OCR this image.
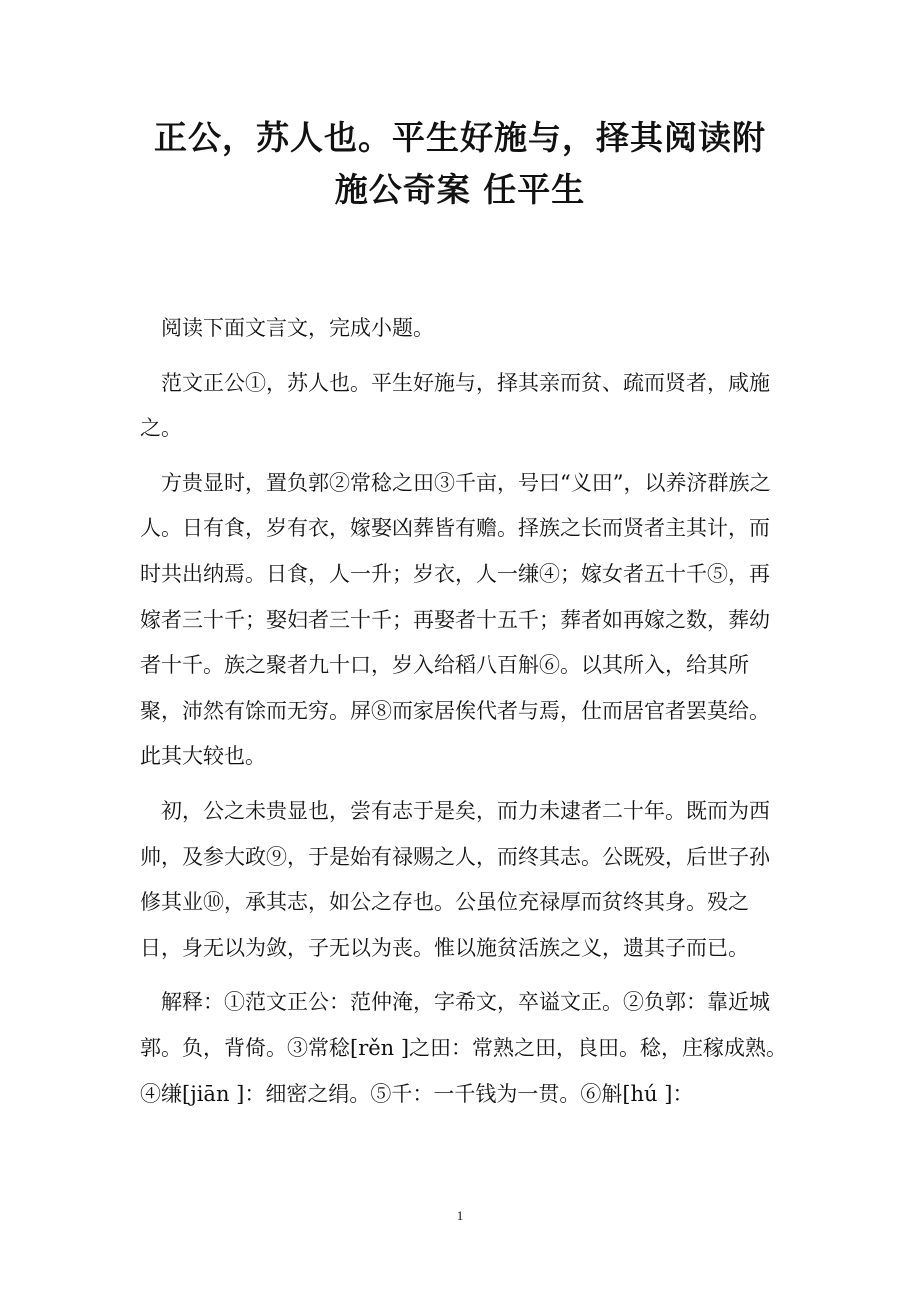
正公，苏人也。平生好施与，择其阅读附
施公奇案 任平生

阅读下面文言文，完成小题。

范文正公①，苏人也。平生好施与，择其亲而贫、疏而贤者，咸施之。

方贵显时，置负郭②常稔之田③千亩，号曰“义田”，以养济群族之人。日有食，岁有衣，嫁娶凶葬皆有赡。择族之长而贤者主其计，而时共出纳焉。日食，人一升；岁衣，人一缣④；嫁女者五十千⑤，再嫁者三十千；娶妇者三十千；再娶者十五千；葬者如再嫁之数，葬幼者十千。族之聚者九十口，岁入给稻八百斛⑥。以其所入，给其所聚，沛然有馀而无穷。屏⑧而家居俟代者与焉，仕而居官者罢莫给。此其大较也。

初，公之未贵显也，尝有志于是矣，而力未逮者二十年。既而为西帅，及参大政⑨，于是始有禄赐之人，而终其志。公既殁，后世子孙修其业⑩，承其志，如公之存也。公虽位充禄厚而贫终其身。殁之日，身无以为敛，子无以为丧。惟以施贫活族之义，遗其子而已。

解释：①范文正公：范仲淹，字希文，卒谥文正。②负郭：靠近城郭。负，背倚。③常稔[rěn ]之田：常熟之田，良田。稔，庄稼成熟。④缣[jiān ]：细密之绢。⑤千：一千钱为一贯。⑥斛[hú ]：

1
